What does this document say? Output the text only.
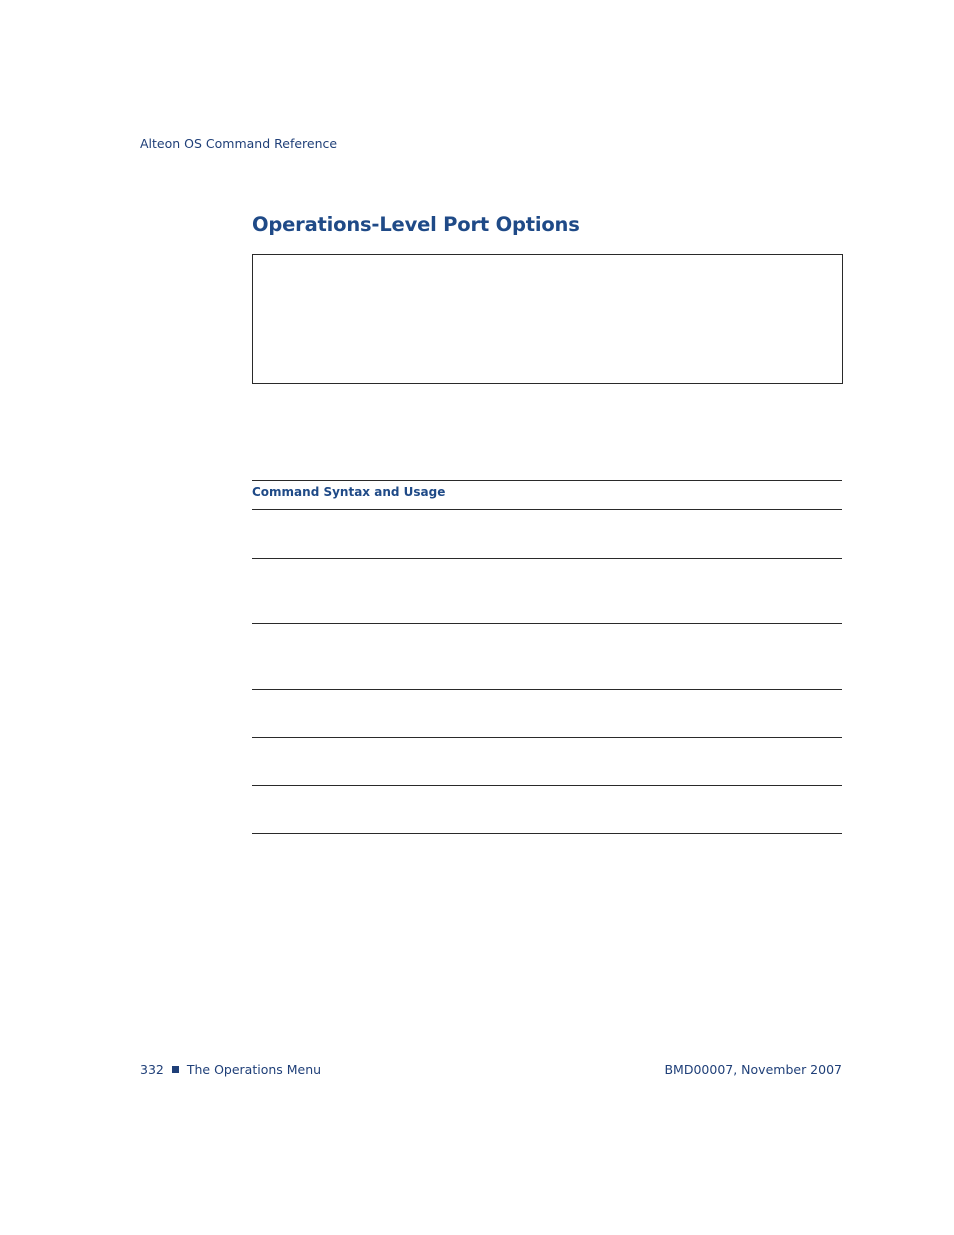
Alteon OS Command Reference
Operations-Level Port Options
Command Syntax and Usage
332 The Operations Menu	BMD00007, November 2007
